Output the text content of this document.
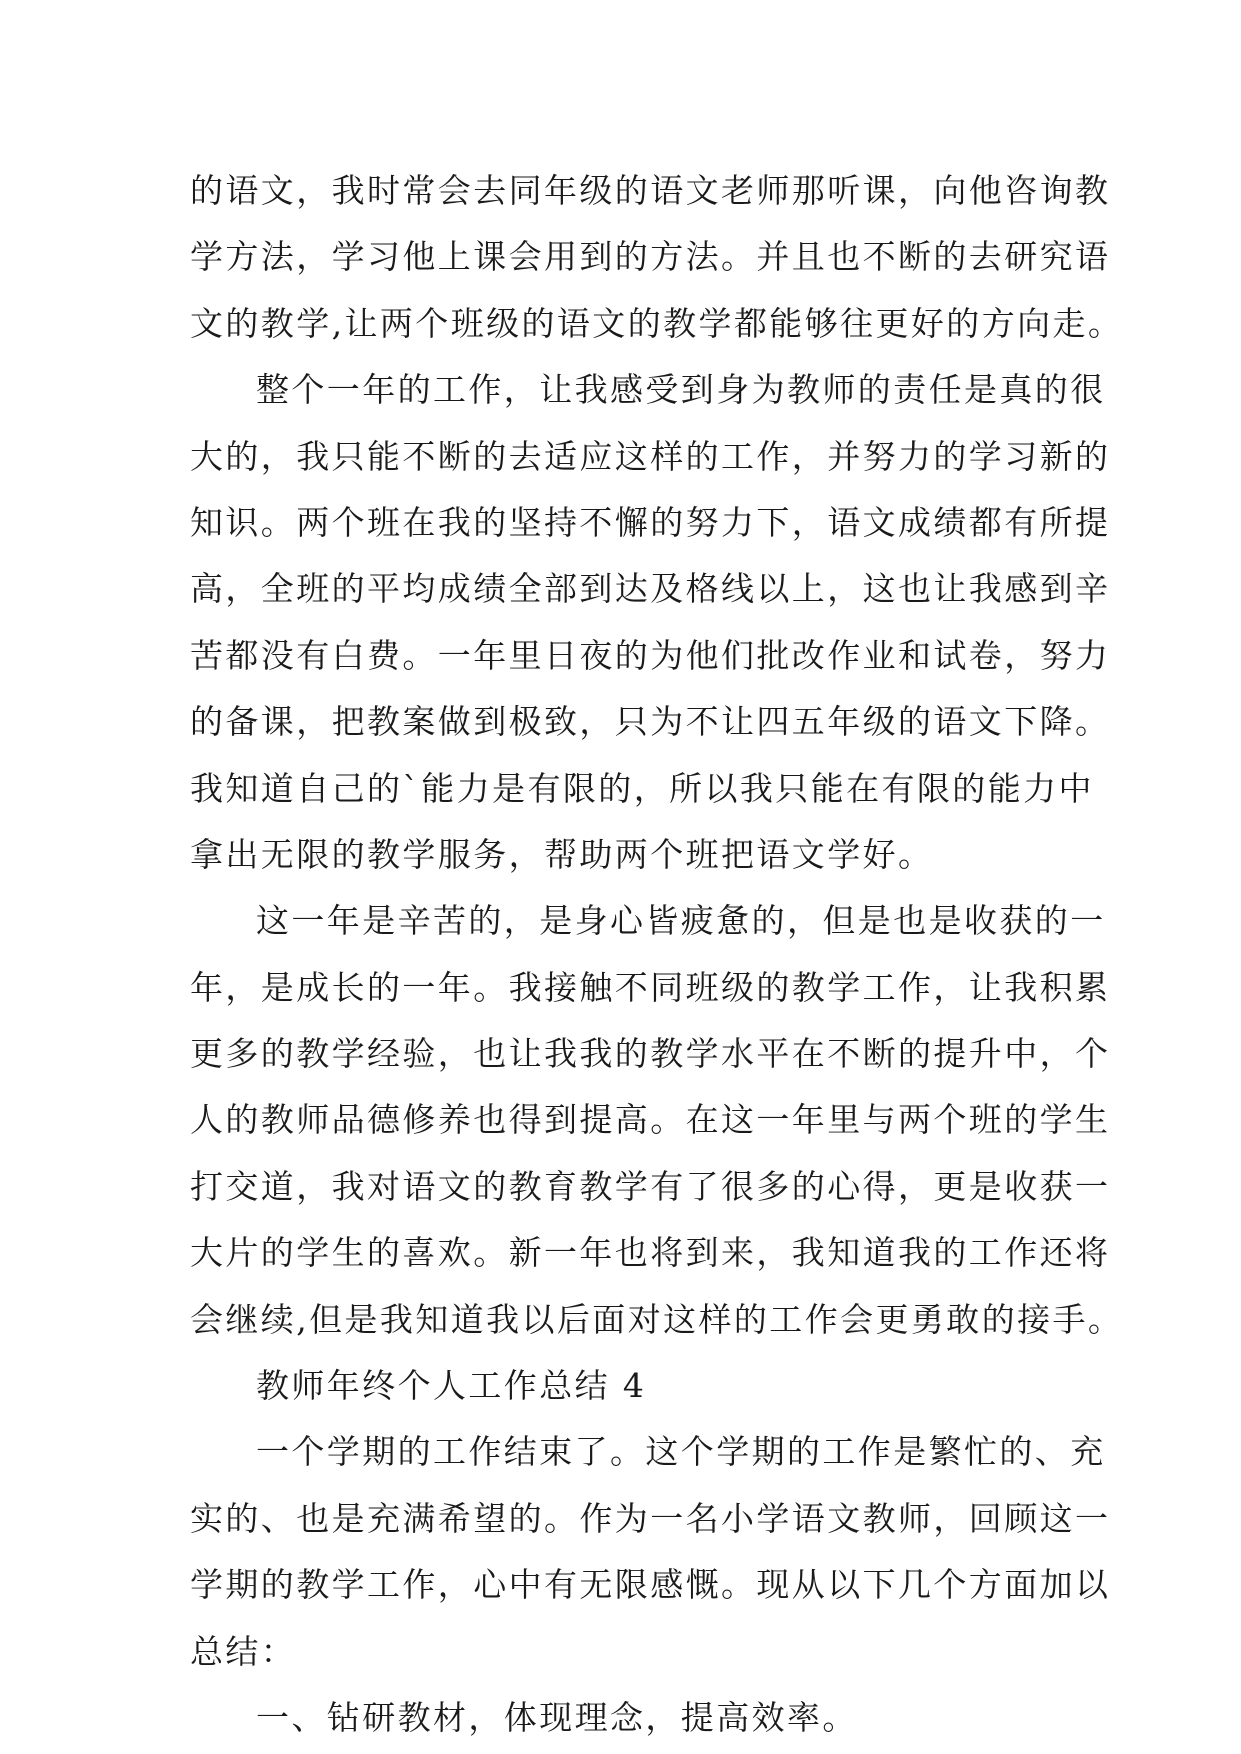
的语文，我时常会去同年级的语文老师那听课，向他咨询教
学方法，学习他上课会用到的方法。并且也不断的去研究语
文的教学,让两个班级的语文的教学都能够往更好的方向走。
整个一年的工作，让我感受到身为教师的责任是真的很
大的，我只能不断的去适应这样的工作，并努力的学习新的
知识。两个班在我的坚持不懈的努力下，语文成绩都有所提
高，全班的平均成绩全部到达及格线以上，这也让我感到辛
苦都没有白费。一年里日夜的为他们批改作业和试卷，努力
的备课，把教案做到极致，只为不让四五年级的语文下降。
我知道自己的`能力是有限的，所以我只能在有限的能力中
拿出无限的教学服务，帮助两个班把语文学好。
这一年是辛苦的，是身心皆疲惫的，但是也是收获的一
年，是成长的一年。我接触不同班级的教学工作，让我积累
更多的教学经验，也让我我的教学水平在不断的提升中，个
人的教师品德修养也得到提高。在这一年里与两个班的学生
打交道，我对语文的教育教学有了很多的心得，更是收获一
大片的学生的喜欢。新一年也将到来，我知道我的工作还将
会继续,但是我知道我以后面对这样的工作会更勇敢的接手。
教师年终个人工作总结 4
一个学期的工作结束了。这个学期的工作是繁忙的、充
实的、也是充满希望的。作为一名小学语文教师，回顾这一
学期的教学工作，心中有无限感慨。现从以下几个方面加以
总结：
一、钻研教材，体现理念，提高效率。
